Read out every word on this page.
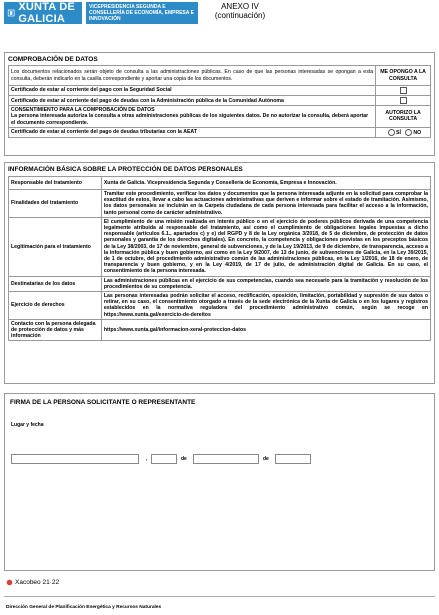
XUNTA DE GALICIA
VICEPRESIDENCIA SEGUNDA E CONSELLERÍA DE ECONOMÍA, EMPRESA E INNOVACIÓN
ANEXO IV
(continuación)
COMPROBACIÓN DE DATOS
Los documentos relacionados serán objeto de consulta a las administraciones públicas. En caso de que las personas interesadas se opongan a esta consulta, deberán indicarlo en la casilla correspondiente y aportar una copia de los documentos.	ME OPONGO A LA CONSULTA
Certificado de estar al corriente del pago con la Seguridad Social	
Certificado de estar al corriente del pago de deudas con la Administración pública de la Comunidad Autónoma	

CONSENTIMIENTO PARA LA COMPROBACIÓN DE DATOS
La persona interesada autoriza la consulta a otras administraciones públicas de los siguientes datos. De no autorizar la consulta, deberá aportar el documento correspondiente.	AUTORIZO LA CONSULTA
Certificado de estar al corriente del pago de deudas tributarias con la AEAT	SÍ NO
INFORMACIÓN BÁSICA SOBRE LA PROTECCIÓN DE DATOS PERSONALES
Responsable del tratamiento	Xunta de Galicia. Vicepresidencia Segunda y Consellería de Economía, Empresa e Innovación.
Finalidades del tratamiento	Tramitar este procedimiento, verificar los datos y documentos que la persona interesada adjunte en la solicitud para comprobar la exactitud de estos, llevar a cabo las actuaciones administrativas que deriven e informar sobre el estado de tramitación. Asimismo, los datos personales se incluirán en la Carpeta ciudadana de cada persona interesada para facilitar el acceso a la información, tanto personal como de carácter administrativo.
Legitimación para el tratamiento	El cumplimiento de una misión realizada en interés público o en el ejercicio de poderes públicos derivada de una competencia legalmente atribuida al responsable del tratamiento, así como el cumplimiento de obligaciones legales impuestas a dicho responsable (artículos 6.1., apartados c) y e) del RGPD y 8 de la Ley orgánica 3/2018, de 5 de diciembre, de protección de datos personales y garantía de los derechos digitales). En concreto, la competencia y obligaciones previstas en los preceptos básicos de la Ley 38/2003, de 17 de noviembre, general de subvenciones, y de la Ley 19/2013, de 9 de diciembre, de transparencia, acceso a la información pública y buen gobierno, así como en la Ley 9/2007, de 13 de junio, de subvenciones de Galicia, en la Ley 39/2015, de 1 de octubre, del procedimiento administrativo común de las administraciones públicas, en la Ley 1/2016, de 18 de enero, de transparencia y buen gobierno, y en la Ley 4/2019, de 17 de julio, de administración digital de Galicia. En su caso, el consentimiento de la persona interesada.
Destinatarias de los datos	Las administraciones públicas en el ejercicio de sus competencias, cuando sea necesario para la tramitación y resolución de los procedimientos de su competencia.
Ejercicio de derechos	Las personas interesadas podrán solicitar el acceso, rectificación, oposición, limitación, portabilidad y supresión de sus datos o retirar, en su caso, el consentimiento otorgado a través de la sede electrónica de la Xunta de Galicia o en los lugares y registros establecidos en la normativa reguladora del procedimiento administrativo común, según se recoge en https://www.xunta.gal/exercicio-de-dereitos
Contacto con la persona delegada de protección de datos y más información	https://www.xunta.gal/informacion-xeral-proteccion-datos
FIRMA DE LA PERSONA SOLICITANTE O REPRESENTANTE
Lugar y fecha
,	de	de
Xacobeo 21·22
Dirección General de Planificación Energética y Recursos Naturales
